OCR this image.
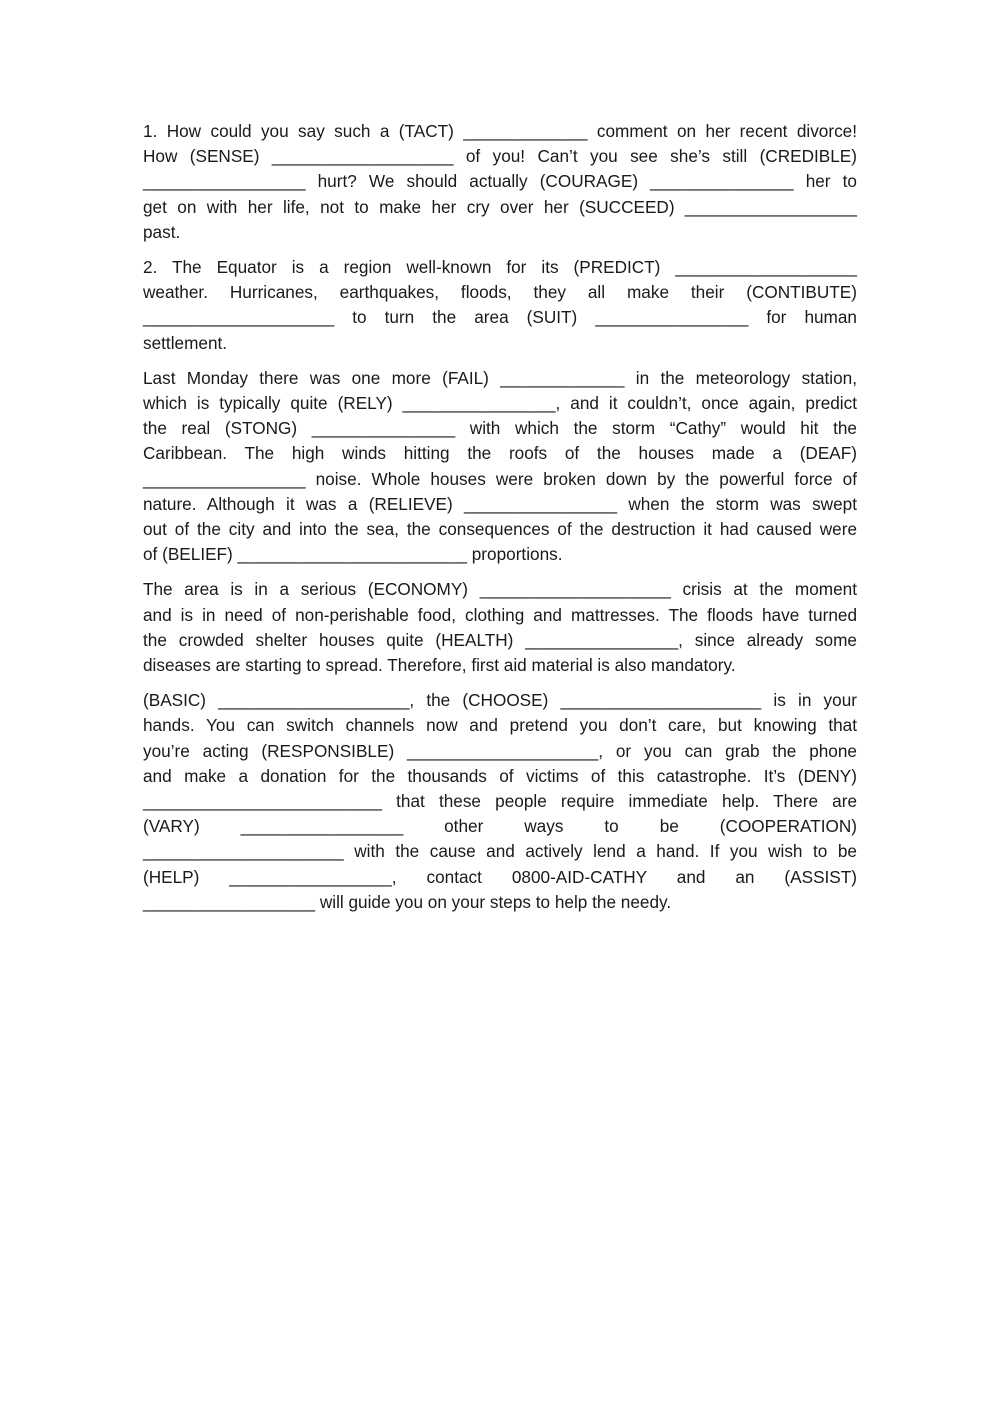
1. How could you say such a (TACT) _____________ comment on her recent divorce!
How (SENSE) ___________________ of you! Can’t you see she’s still (CREDIBLE)
_________________ hurt? We should actually (COURAGE) _______________ her to
get on with her life, not to make her cry over her (SUCCEED) __________________
past.

2. The Equator is a region well-known for its (PREDICT) ___________________
weather. Hurricanes, earthquakes, floods, they all make their (CONTIBUTE)
____________________ to turn the area (SUIT) ________________ for human
settlement.

Last Monday there was one more (FAIL) _____________ in the meteorology station,
which is typically quite (RELY) ________________, and it couldn’t, once again, predict
the real (STONG) _______________ with which the storm “Cathy” would hit the
Caribbean. The high winds hitting the roofs of the houses made a (DEAF)
_________________ noise. Whole houses were broken down by the powerful force of
nature. Although it was a (RELIEVE) ________________ when the storm was swept
out of the city and into the sea, the consequences of the destruction it had caused were
of (BELIEF) ________________________ proportions.

The area is in a serious (ECONOMY) ____________________ crisis at the moment
and is in need of non-perishable food, clothing and mattresses. The floods have turned
the crowded shelter houses quite (HEALTH) ________________, since already some
diseases are starting to spread. Therefore, first aid material is also mandatory.

(BASIC) ____________________, the (CHOOSE) _____________________ is in your
hands. You can switch channels now and pretend you don’t care, but knowing that
you’re acting (RESPONSIBLE) ____________________, or you can grab the phone
and make a donation for the thousands of victims of this catastrophe. It’s (DENY)
_________________________ that these people require immediate help. There are
(VARY) _________________ other ways to be (COOPERATION)
_____________________ with the cause and actively lend a hand. If you wish to be
(HELP) _________________, contact 0800-AID-CATHY and an (ASSIST)
__________________ will guide you on your steps to help the needy.
